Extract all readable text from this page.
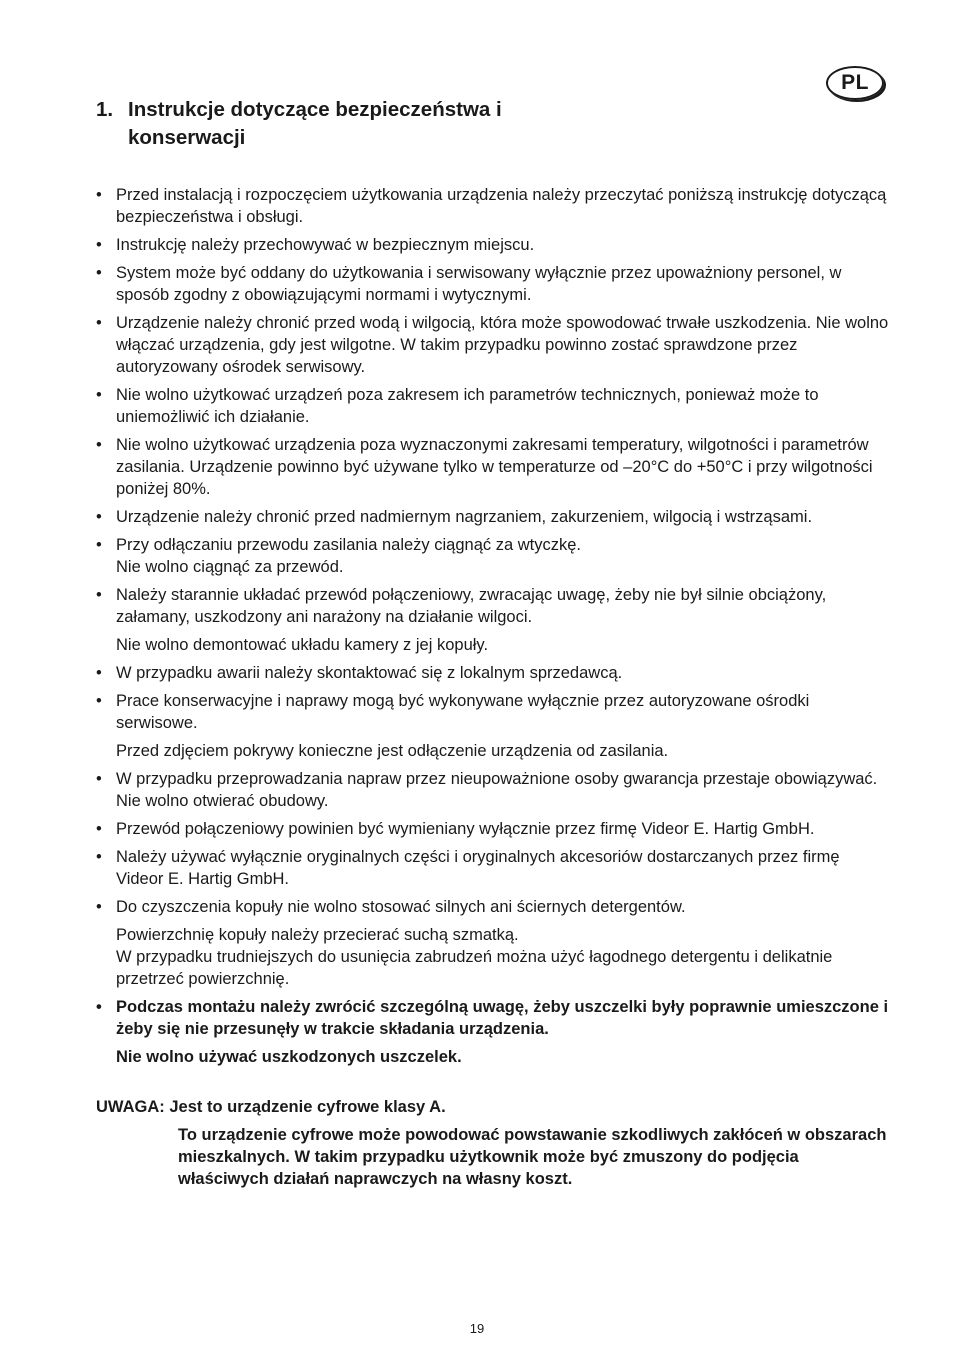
PL
1. Instrukcje dotyczące bezpieczeństwa i
konserwacji
• Przed instalacją i rozpoczęciem użytkowania urządzenia należy przeczytać poniższą instrukcję dotyczącą bezpieczeństwa i obsługi.
• Instrukcję należy przechowywać w bezpiecznym miejscu.
• System może być oddany do użytkowania i serwisowany wyłącznie przez upoważniony personel, w sposób zgodny z obowiązującymi normami i wytycznymi.
• Urządzenie należy chronić przed wodą i wilgocią, która może spowodować trwałe uszkodzenia. Nie wolno włączać urządzenia, gdy jest wilgotne. W takim przypadku powinno zostać sprawdzone przez autoryzowany ośrodek serwisowy.
• Nie wolno użytkować urządzeń poza zakresem ich parametrów technicznych, ponieważ może to uniemożliwić ich działanie.
• Nie wolno użytkować urządzenia poza wyznaczonymi zakresami temperatury, wilgotności i parametrów zasilania. Urządzenie powinno być używane tylko w temperaturze od –20°C do +50°C i przy wilgotności poniżej 80%.
• Urządzenie należy chronić przed nadmiernym nagrzaniem, zakurzeniem, wilgocią i wstrząsami.
• Przy odłączaniu przewodu zasilania należy ciągnąć za wtyczkę.
Nie wolno ciągnąć za przewód.
• Należy starannie układać przewód połączeniowy, zwracając uwagę, żeby nie był silnie obciążony, załamany, uszkodzony ani narażony na działanie wilgoci.
Nie wolno demontować układu kamery z jej kopuły.
• W przypadku awarii należy skontaktować się z lokalnym sprzedawcą.
• Prace konserwacyjne i naprawy mogą być wykonywane wyłącznie przez autoryzowane ośrodki serwisowe.
Przed zdjęciem pokrywy konieczne jest odłączenie urządzenia od zasilania.
• W przypadku przeprowadzania napraw przez nieupoważnione osoby gwarancja przestaje obowiązywać. Nie wolno otwierać obudowy.
• Przewód połączeniowy powinien być wymieniany wyłącznie przez firmę Videor E. Hartig GmbH.
• Należy używać wyłącznie oryginalnych części i oryginalnych akcesoriów dostarczanych przez firmę Videor E. Hartig GmbH.
• Do czyszczenia kopuły nie wolno stosować silnych ani ściernych detergentów.
Powierzchnię kopuły należy przecierać suchą szmatką.
W przypadku trudniejszych do usunięcia zabrudzeń można użyć łagodnego detergentu i delikatnie przetrzeć powierzchnię.
• Podczas montażu należy zwrócić szczególną uwagę, żeby uszczelki były poprawnie umieszczone i żeby się nie przesunęły w trakcie składania urządzenia.
Nie wolno używać uszkodzonych uszczelek.
UWAGA: Jest to urządzenie cyfrowe klasy A.
To urządzenie cyfrowe może powodować powstawanie szkodliwych zakłóceń w obszarach mieszkalnych. W takim przypadku użytkownik może być zmuszony do podjęcia właściwych działań naprawczych na własny koszt.
19
